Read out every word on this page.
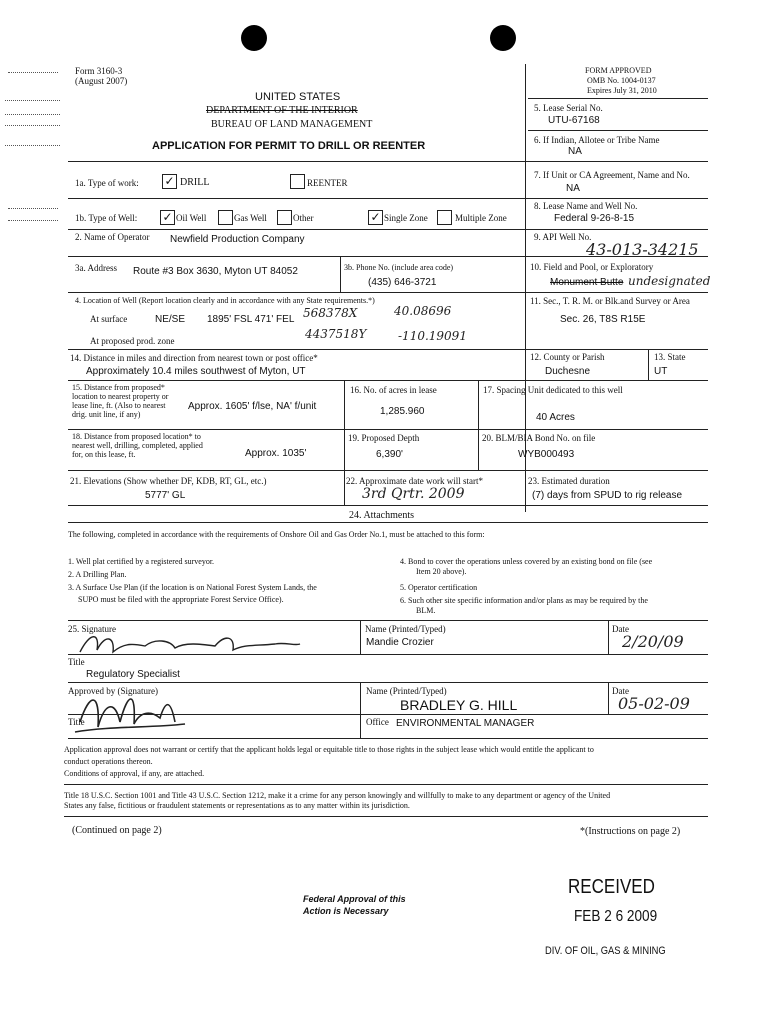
Form 3160-3
(August 2007)
FORM APPROVED
OMB No. 1004-0137
Expires July 31, 2010
UNITED STATES
DEPARTMENT OF THE INTERIOR
BUREAU OF LAND MANAGEMENT
APPLICATION FOR PERMIT TO DRILL OR REENTER
5. Lease Serial No.
UTU-67168
6. If Indian, Allotee or Tribe Name
NA
7. If Unit or CA Agreement, Name and No.
NA
8. Lease Name and Well No.
Federal 9-26-8-15
9. API Well No.
43-013-34215
10. Field and Pool, or Exploratory
Monument Butte undesignated
11. Sec., T. R. M. or Blk.and Survey or Area
Sec. 26, T8S R15E
12. County or Parish
Duchesne
13. State
UT
1a. Type of work: ✓ DRILL	REENTER
1b. Type of Well: ✓ Oil Well	Gas Well	Other	✓ Single Zone	Multiple Zone
2. Name of Operator Newfield Production Company
3a. Address Route #3 Box 3630, Myton UT 84052	3b. Phone No. (include area code)
(435) 646-3721
4. Location of Well (Report location clearly and in accordance with any State requirements.*)
At surface	NE/SE 1895' FSL 471' FEL 568378X	40.08696
4437518Y	-110.19091
At proposed prod. zone
14. Distance in miles and direction from nearest town or post office*
Approximately 10.4 miles southwest of Myton, UT
15. Distance from proposed* location to nearest property or lease line, ft. (Also to nearest drig. unit line, if any)
Approx. 1605' f/lse, NA' f/unit
16. No. of acres in lease
1,285.960
17. Spacing Unit dedicated to this well
40 Acres
18. Distance from proposed location* to nearest well, drilling, completed, applied for, on this lease, ft.	Approx. 1035'
19. Proposed Depth
6,390'
20. BLM/BIA Bond No. on file
WYB000493
21. Elevations (Show whether DF, KDB, RT, GL, etc.)
5777' GL
22. Approximate date work will start*
3rd Qrtr. 2009
23. Estimated duration
(7) days from SPUD to rig release
24. Attachments
The following, completed in accordance with the requirements of Onshore Oil and Gas Order No.1, must be attached to this form:
1. Well plat certified by a registered surveyor.
2. A Drilling Plan.
3. A Surface Use Plan (if the location is on National Forest System Lands, the
SUPO must be filed with the appropriate Forest Service Office).
4. Bond to cover the operations unless covered by an existing bond on file (see
Item 20 above).
5. Operator certification
6. Such other site specific information and/or plans as may be required by the
BLM.
25. Signature	Name (Printed/Typed)
Mandie Crozier
Date
2/20/09
Title
Regulatory Specialist
Approved by (Signature)	Name (Printed/Typed)
BRADLEY G. HILL
Date
05-02-09
Title	Office ENVIRONMENTAL MANAGER
Application approval does not warrant or certify that the applicant holds legal or equitable title to those rights in the subject lease which would entitle the applicant to
conduct operations thereon.
Conditions of approval, if any, are attached.
Title 18 U.S.C. Section 1001 and Title 43 U.S.C. Section 1212, make it a crime for any person knowingly and willfully to make to any department or agency of the United
States any false, fictitious or fraudulent statements or representations as to any matter within its jurisdiction.
(Continued on page 2)	*(Instructions on page 2)
Federal Approval of this
Action is Necessary
RECEIVED
FEB 2 6 2009
DIV. OF OIL, GAS & MINING
